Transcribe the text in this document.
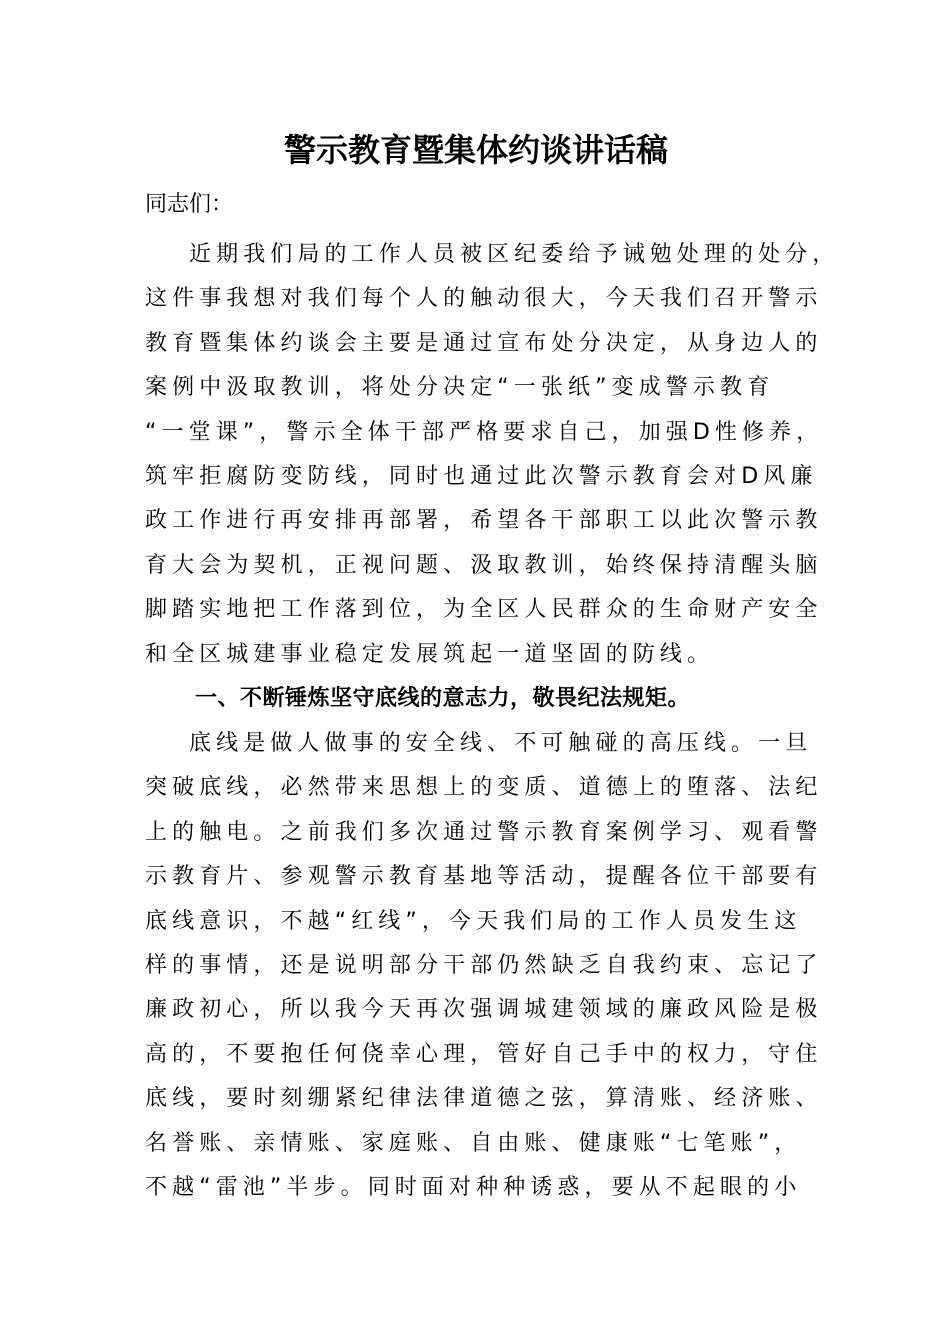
警示教育暨集体约谈讲话稿
同志们：
近期我们局的工作人员被区纪委给予诫勉处理的处分，
这件事我想对我们每个人的触动很大，今天我们召开警示
教育暨集体约谈会主要是通过宣布处分决定，从身边人的
案例中汲取教训，将处分决定“一张纸”变成警示教育
“一堂课”，警示全体干部严格要求自己，加强D性修养，
筑牢拒腐防变防线，同时也通过此次警示教育会对D风廉
政工作进行再安排再部署，希望各干部职工以此次警示教
育大会为契机，正视问题、汲取教训，始终保持清醒头脑
脚踏实地把工作落到位，为全区人民群众的生命财产安全
和全区城建事业稳定发展筑起一道坚固的防线。
一、不断锤炼坚守底线的意志力，敬畏纪法规矩。
底线是做人做事的安全线、不可触碰的高压线。一旦
突破底线，必然带来思想上的变质、道德上的堕落、法纪
上的触电。之前我们多次通过警示教育案例学习、观看警
示教育片、参观警示教育基地等活动，提醒各位干部要有
底线意识，不越“红线”，今天我们局的工作人员发生这
样的事情，还是说明部分干部仍然缺乏自我约束、忘记了
廉政初心，所以我今天再次强调城建领域的廉政风险是极
高的，不要抱任何侥幸心理，管好自己手中的权力，守住
底线，要时刻绷紧纪律法律道德之弦，算清账、经济账、
名誉账、亲情账、家庭账、自由账、健康账“七笔账”，
不越“雷池”半步。同时面对种种诱惑，要从不起眼的小
